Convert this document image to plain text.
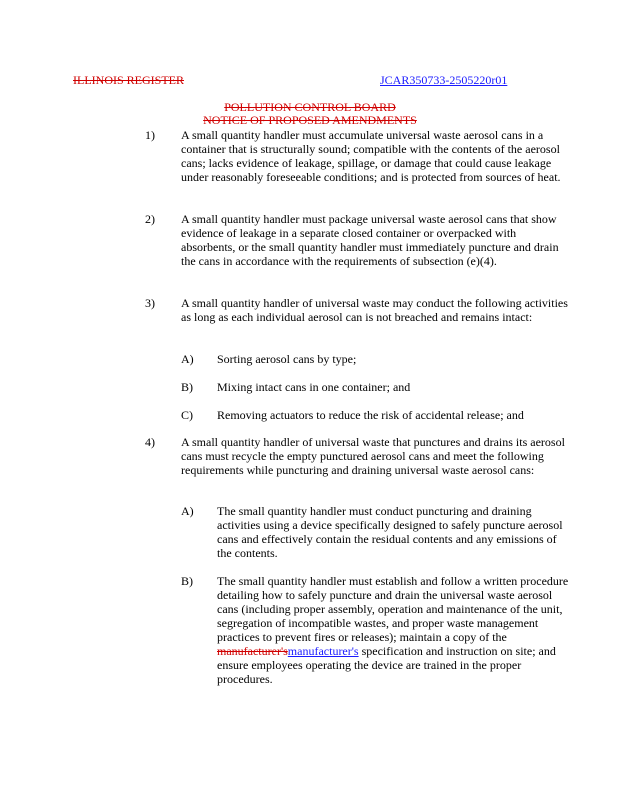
ILLINOIS REGISTER	JCAR350733-2505220r01
POLLUTION CONTROL BOARD
NOTICE OF PROPOSED AMENDMENTS
1)	A small quantity handler must accumulate universal waste aerosol cans in a container that is structurally sound; compatible with the contents of the aerosol cans; lacks evidence of leakage, spillage, or damage that could cause leakage under reasonably foreseeable conditions; and is protected from sources of heat.
2)	A small quantity handler must package universal waste aerosol cans that show evidence of leakage in a separate closed container or overpacked with absorbents, or the small quantity handler must immediately puncture and drain the cans in accordance with the requirements of subsection (e)(4).
3)	A small quantity handler of universal waste may conduct the following activities as long as each individual aerosol can is not breached and remains intact:
A)	Sorting aerosol cans by type;
B)	Mixing intact cans in one container; and
C)	Removing actuators to reduce the risk of accidental release; and
4)	A small quantity handler of universal waste that punctures and drains its aerosol cans must recycle the empty punctured aerosol cans and meet the following requirements while puncturing and draining universal waste aerosol cans:
A)	The small quantity handler must conduct puncturing and draining activities using a device specifically designed to safely puncture aerosol cans and effectively contain the residual contents and any emissions of the contents.
B)	The small quantity handler must establish and follow a written procedure detailing how to safely puncture and drain the universal waste aerosol cans (including proper assembly, operation and maintenance of the unit, segregation of incompatible wastes, and proper waste management practices to prevent fires or releases); maintain a copy of the manufacturer'smanufacturer's specification and instruction on site; and ensure employees operating the device are trained in the proper procedures.
